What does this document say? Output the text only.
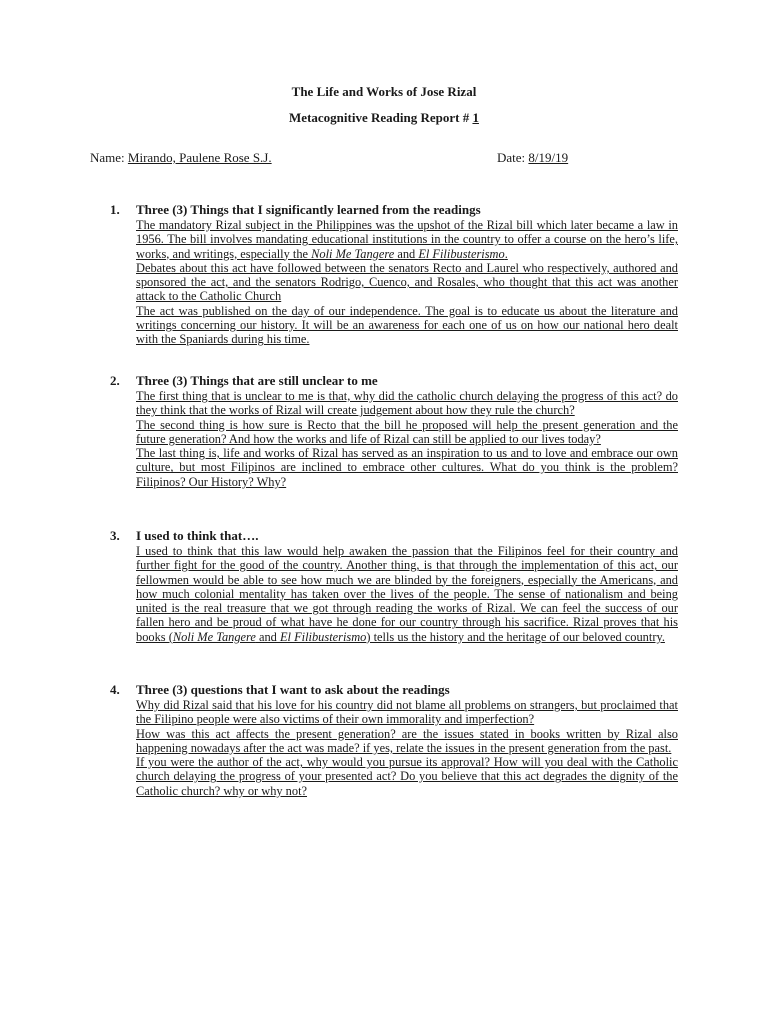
The Life and Works of Jose Rizal
Metacognitive Reading Report # 1
Name: Mirando, Paulene Rose S.J.	Date: 8/19/19
1. Three (3) Things that I significantly learned from the readings

The mandatory Rizal subject in the Philippines was the upshot of the Rizal bill which later became a law in 1956. The bill involves mandating educational institutions in the country to offer a course on the hero’s life, works, and writings, especially the Noli Me Tangere and El Filibusterismo.

Debates about this act have followed between the senators Recto and Laurel who respectively, authored and sponsored the act, and the senators Rodrigo, Cuenco, and Rosales, who thought that this act was another attack to the Catholic Church

The act was published on the day of our independence. The goal is to educate us about the literature and writings concerning our history. It will be an awareness for each one of us on how our national hero dealt with the Spaniards during his time.

2. Three (3) Things that are still unclear to me

The first thing that is unclear to me is that, why did the catholic church delaying the progress of this act? do they think that the works of Rizal will create judgement about how they rule the church?

The second thing is how sure is Recto that the bill he proposed will help the present generation and the future generation? And how the works and life of Rizal can still be applied to our lives today?

The last thing is, life and works of Rizal has served as an inspiration to us and to love and embrace our own culture, but most Filipinos are inclined to embrace other cultures. What do you think is the problem? Filipinos? Our History? Why?

3. I used to think that….

I used to think that this law would help awaken the passion that the Filipinos feel for their country and further fight for the good of the country. Another thing, is that through the implementation of this act, our fellowmen would be able to see how much we are blinded by the foreigners, especially the Americans, and how much colonial mentality has taken over the lives of the people. The sense of nationalism and being united is the real treasure that we got through reading the works of Rizal. We can feel the success of our fallen hero and be proud of what have he done for our country through his sacrifice. Rizal proves that his books (Noli Me Tangere and El Filibusterismo) tells us the history and the heritage of our beloved country.

4. Three (3) questions that I want to ask about the readings

Why did Rizal said that his love for his country did not blame all problems on strangers, but proclaimed that the Filipino people were also victims of their own immorality and imperfection?

How was this act affects the present generation? are the issues stated in books written by Rizal also happening nowadays after the act was made? if yes, relate the issues in the present generation from the past.

If you were the author of the act, why would you pursue its approval? How will you deal with the Catholic church delaying the progress of your presented act? Do you believe that this act degrades the dignity of the Catholic church? why or why not?
